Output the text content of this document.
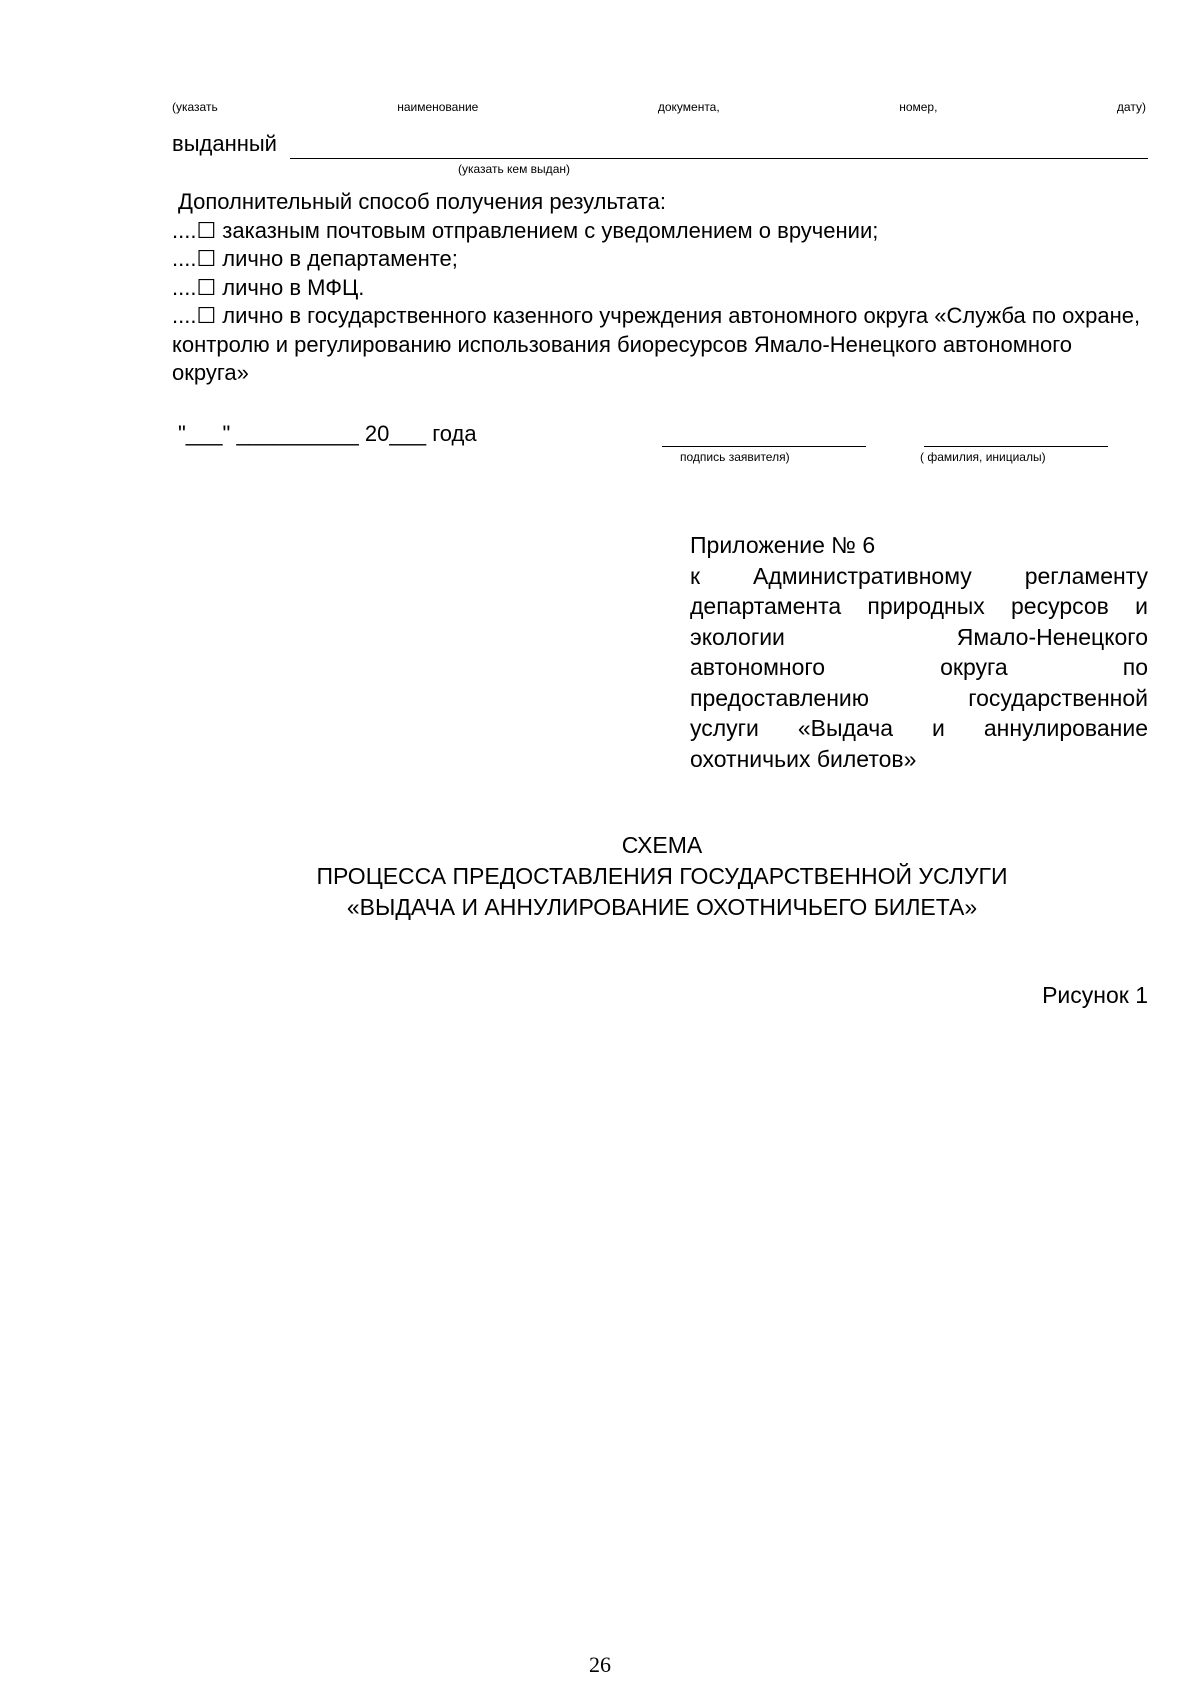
(указать	наименование	документа,	номер,	дату)
выданный
(указать кем выдан)
Дополнительный способ получения результата:
....☐ заказным почтовым отправлением с уведомлением о вручении;
....☐ лично в департаменте;
....☐ лично в МФЦ.
....☐ лично в государственного казенного учреждения автономного округа «Служба по охране, контролю и регулированию использования биоресурсов Ямало-Ненецкого автономного округа»
"___" __________ 20___ года
подпись заявителя)	( фамилия, инициалы)
Приложение № 6
к Административному регламенту
департамента природных ресурсов и
экологии Ямало-Ненецкого
автономного округа по
предоставлению государственной
услуги «Выдача и аннулирование
охотничьих билетов»
СХЕМА
ПРОЦЕССА ПРЕДОСТАВЛЕНИЯ ГОСУДАРСТВЕННОЙ УСЛУГИ
«ВЫДАЧА И АННУЛИРОВАНИЕ ОХОТНИЧЬЕГО БИЛЕТА»
Рисунок 1
26
